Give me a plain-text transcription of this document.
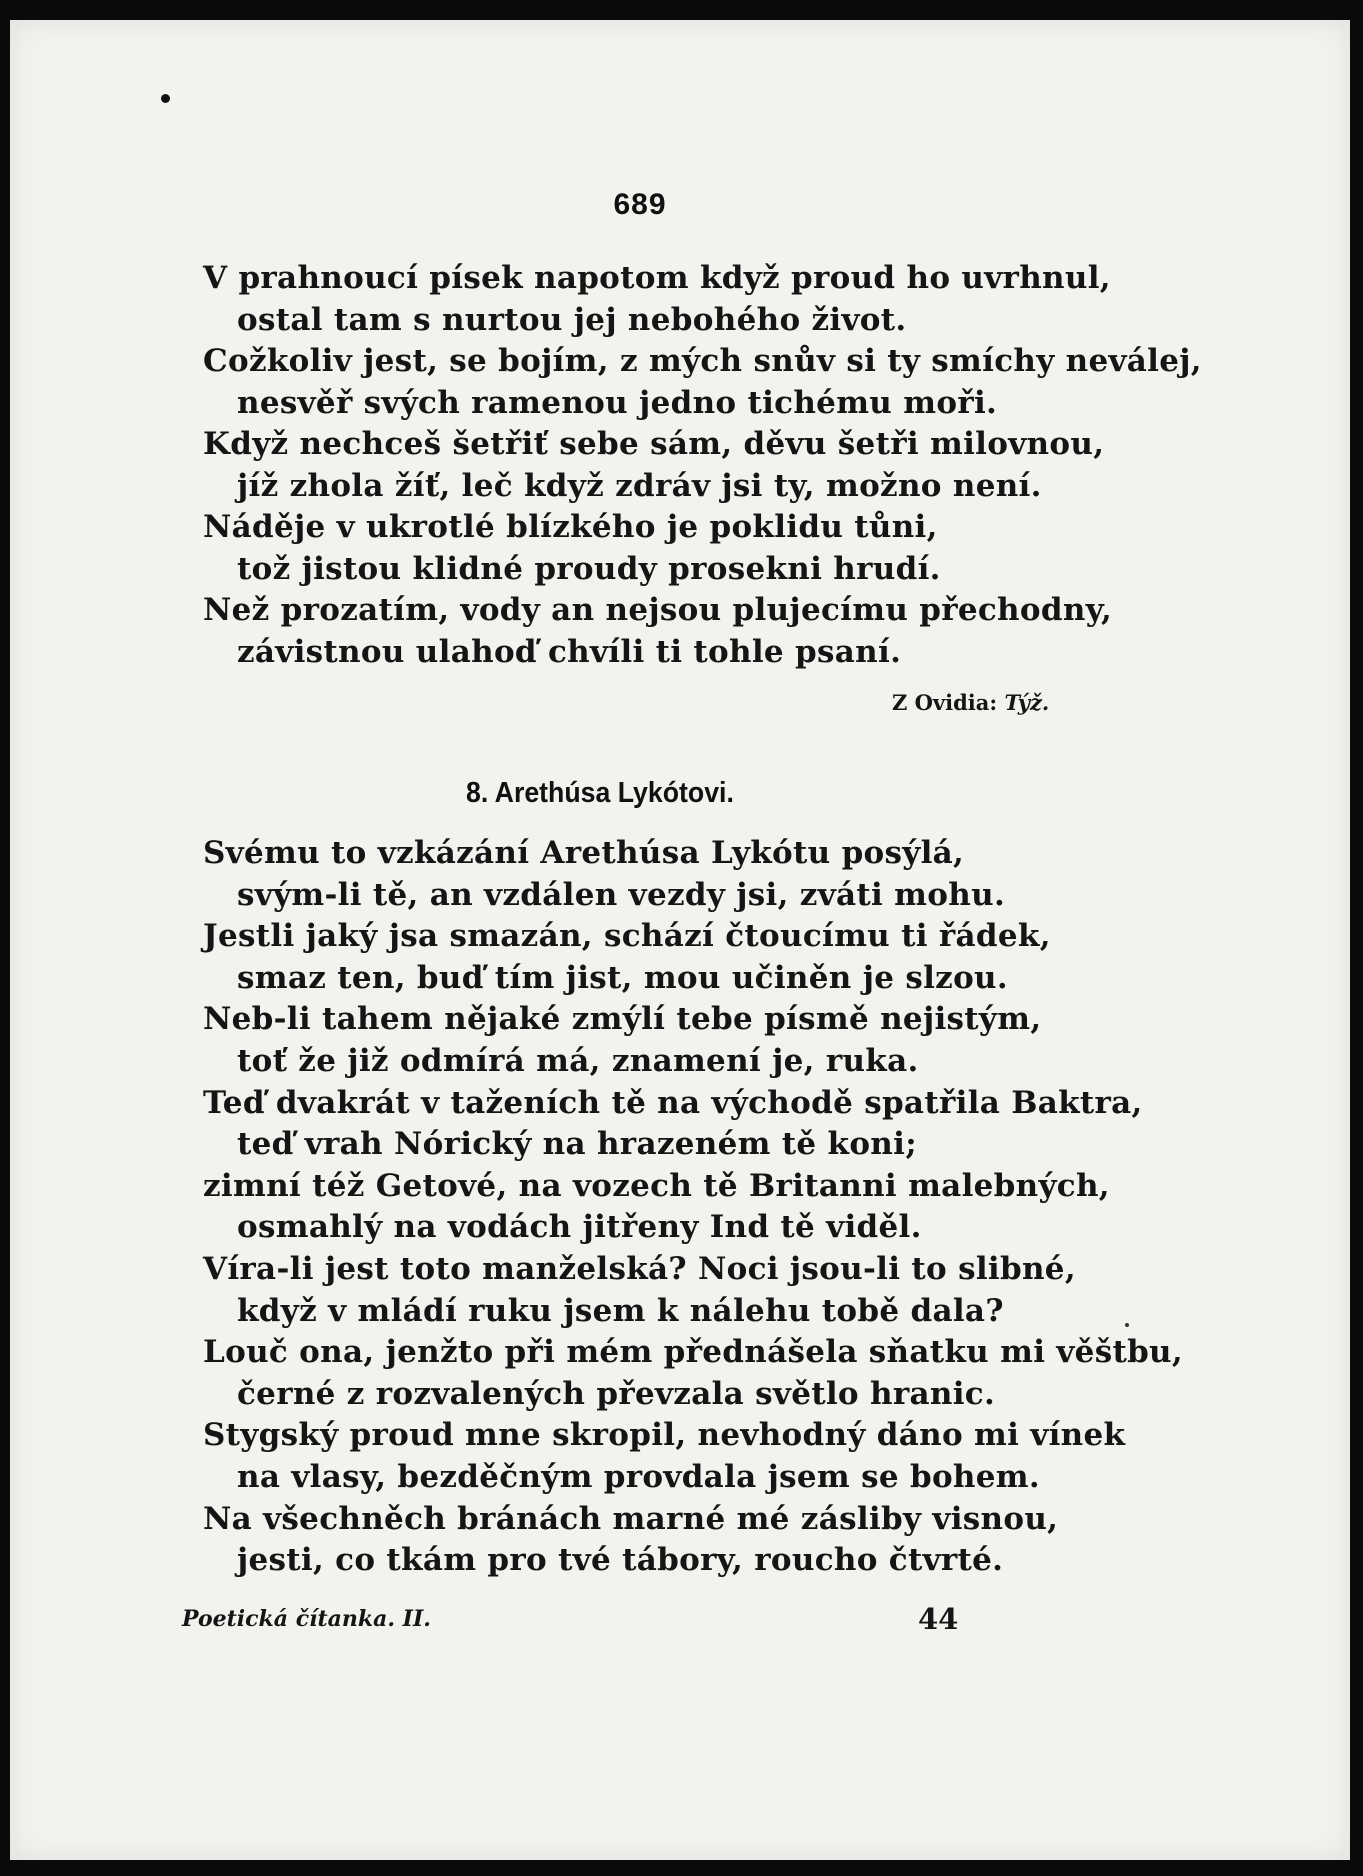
689
V prahnoucí písek napotom když proud ho uvrhnul,
ostal tam s nurtou jej nebohého život.
Cožkoliv jest, se bojím, z mých snův si ty smíchy neválej,
nesvěř svých ramenou jedno tichému moři.
Když nechceš šetřiť sebe sám, děvu šetři milovnou,
jíž zhola žíť, leč když zdráv jsi ty, možno není.
Náděje v ukrotlé blízkého je poklidu tůni,
tož jistou klidné proudy prosekni hrudí.
Než prozatím, vody an nejsou plujecímu přechodny,
závistnou ulahoď chvíli ti tohle psaní.
Z Ovidia: Týž.
8. Arethúsa Lykótovi.
Svému to vzkázání Arethúsa Lykótu posýlá,
svým-li tě, an vzdálen vezdy jsi, zváti mohu.
Jestli jaký jsa smazán, schází čtoucímu ti řádek,
smaz ten, buď tím jist, mou učiněn je slzou.
Neb-li tahem nějaké zmýlí tebe písmě nejistým,
toť že již odmírá má, znamení je, ruka.
Teď dvakrát v taženích tě na východě spatřila Baktra,
teď vrah Nórický na hrazeném tě koni;
zimní též Getové, na vozech tě Britanni malebných,
osmahlý na vodách jitřeny Ind tě viděl.
Víra-li jest toto manželská? Noci jsou-li to slibné,
když v mládí ruku jsem k nálehu tobě dala?
Louč ona, jenžto při mém přednášela sňatku mi věštbu,
černé z rozvalených převzala světlo hranic.
Stygský proud mne skropil, nevhodný dáno mi vínek
na vlasy, bezděčným provdala jsem se bohem.
Na všechněch bránách marné mé zásliby visnou,
jesti, co tkám pro tvé tábory, roucho čtvrté.
Poetická čítanka. II.	44
